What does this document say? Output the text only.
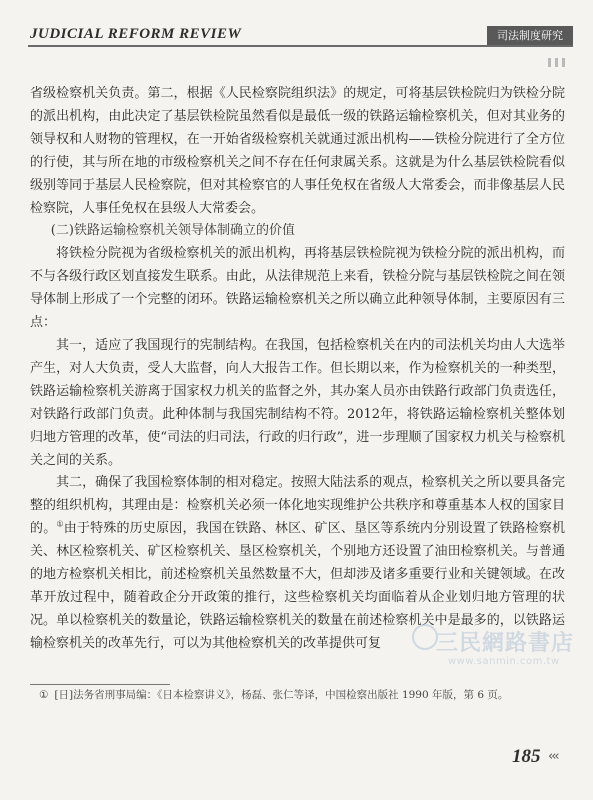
JUDICIAL REFORM REVIEW	司法制度研究

省级检察机关负责。第二，根据《人民检察院组织法》的规定，可将基层铁检院归为铁检分院的派出机构，由此决定了基层铁检院虽然看似是最低一级的铁路运输检察机关，但对其业务的领导权和人财物的管理权，在一开始省级检察机关就通过派出机构——铁检分院进行了全方位的行使，其与所在地的市级检察机关之间不存在任何隶属关系。这就是为什么基层铁检院看似级别等同于基层人民检察院，但对其检察官的人事任免权在省级人大常委会，而非像基层人民检察院，人事任免权在县级人大常委会。

(二)铁路运输检察机关领导体制确立的价值

将铁检分院视为省级检察机关的派出机构，再将基层铁检院视为铁检分院的派出机构，而不与各级行政区划直接发生联系。由此，从法律规范上来看，铁检分院与基层铁检院之间在领导体制上形成了一个完整的闭环。铁路运输检察机关之所以确立此种领导体制，主要原因有三点：

其一，适应了我国现行的宪制结构。在我国，包括检察机关在内的司法机关均由人大选举产生，对人大负责，受人大监督，向人大报告工作。但长期以来，作为检察机关的一种类型，铁路运输检察机关游离于国家权力机关的监督之外，其办案人员亦由铁路行政部门负责选任，对铁路行政部门负责。此种体制与我国宪制结构不符。2012年，将铁路运输检察机关整体划归地方管理的改革，使“司法的归司法，行政的归行政”，进一步理顺了国家权力机关与检察机关之间的关系。

其二，确保了我国检察体制的相对稳定。按照大陆法系的观点，检察机关之所以要具备完整的组织机构，其理由是：检察机关必须一体化地实现维护公共秩序和尊重基本人权的国家目的。①由于特殊的历史原因，我国在铁路、林区、矿区、垦区等系统内分别设置了铁路检察机关、林区检察机关、矿区检察机关、垦区检察机关，个别地方还设置了油田检察机关。与普通的地方检察机关相比，前述检察机关虽然数量不大，但却涉及诸多重要行业和关键领域。在改革开放过程中，随着政企分开政策的推行，这些检察机关均面临着从企业划归地方管理的状况。单以检察机关的数量论，铁路运输检察机关的数量在前述检察机关中是最多的，以铁路运输检察机关的改革先行，可以为其他检察机关的改革提供可复	三民網路書店
www.sanmin.com.tw
① [日]法务省刑事局编：《日本检察讲义》，杨磊、张仁等译，中国检察出版社 1990 年版，第 6 页。
185 ‹‹‹
